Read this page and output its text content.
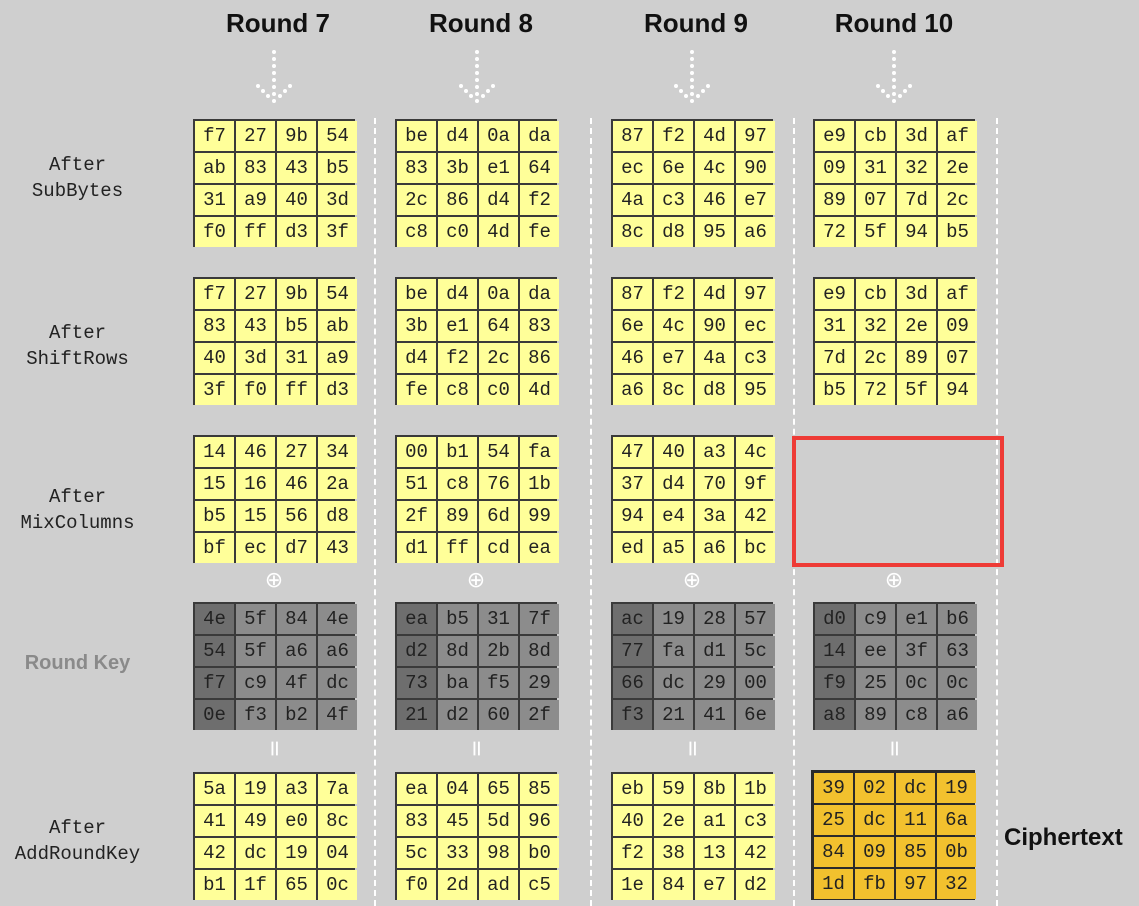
Round 7	Round 8	Round 9	Round 10
After
SubBytes
After
ShiftRows
After
MixColumns
Round Key
After
AddRoundKey
f7 27 9b 54
ab 83 43 b5
31 a9 40 3d
f0 ff d3 3f
be d4 0a da
83 3b e1 64
2c 86 d4 f2
c8 c0 4d fe
87 f2 4d 97
ec 6e 4c 90
4a c3 46 e7
8c d8 95 a6
e9 cb 3d af
09 31 32 2e
89 07 7d 2c
72 5f 94 b5
f7 27 9b 54
83 43 b5 ab
40 3d 31 a9
3f f0 ff d3
be d4 0a da
3b e1 64 83
d4 f2 2c 86
fe c8 c0 4d
87 f2 4d 97
6e 4c 90 ec
46 e7 4a c3
a6 8c d8 95
e9 cb 3d af
31 32 2e 09
7d 2c 89 07
b5 72 5f 94
14 46 27 34
15 16 46 2a
b5 15 56 d8
bf ec d7 43
00 b1 54 fa
51 c8 76 1b
2f 89 6d 99
d1 ff cd ea
47 40 a3 4c
37 d4 70 9f
94 e4 3a 42
ed a5 a6 bc
4e 5f 84 4e
54 5f a6 a6
f7 c9 4f dc
0e f3 b2 4f
ea b5 31 7f
d2 8d 2b 8d
73 ba f5 29
21 d2 60 2f
ac 19 28 57
77 fa d1 5c
66 dc 29 00
f3 21 41 6e
d0 c9 e1 b6
14 ee 3f 63
f9 25 0c 0c
a8 89 c8 a6
5a 19 a3 7a
41 49 e0 8c
42 dc 19 04
b1 1f 65 0c
ea 04 65 85
83 45 5d 96
5c 33 98 b0
f0 2d ad c5
eb 59 8b 1b
40 2e a1 c3
f2 38 13 42
1e 84 e7 d2
39 02 dc 19
25 dc 11 6a
84 09 85 0b
1d fb 97 32
⊕	⊕	⊕	⊕
=	=	=	=
Ciphertext
